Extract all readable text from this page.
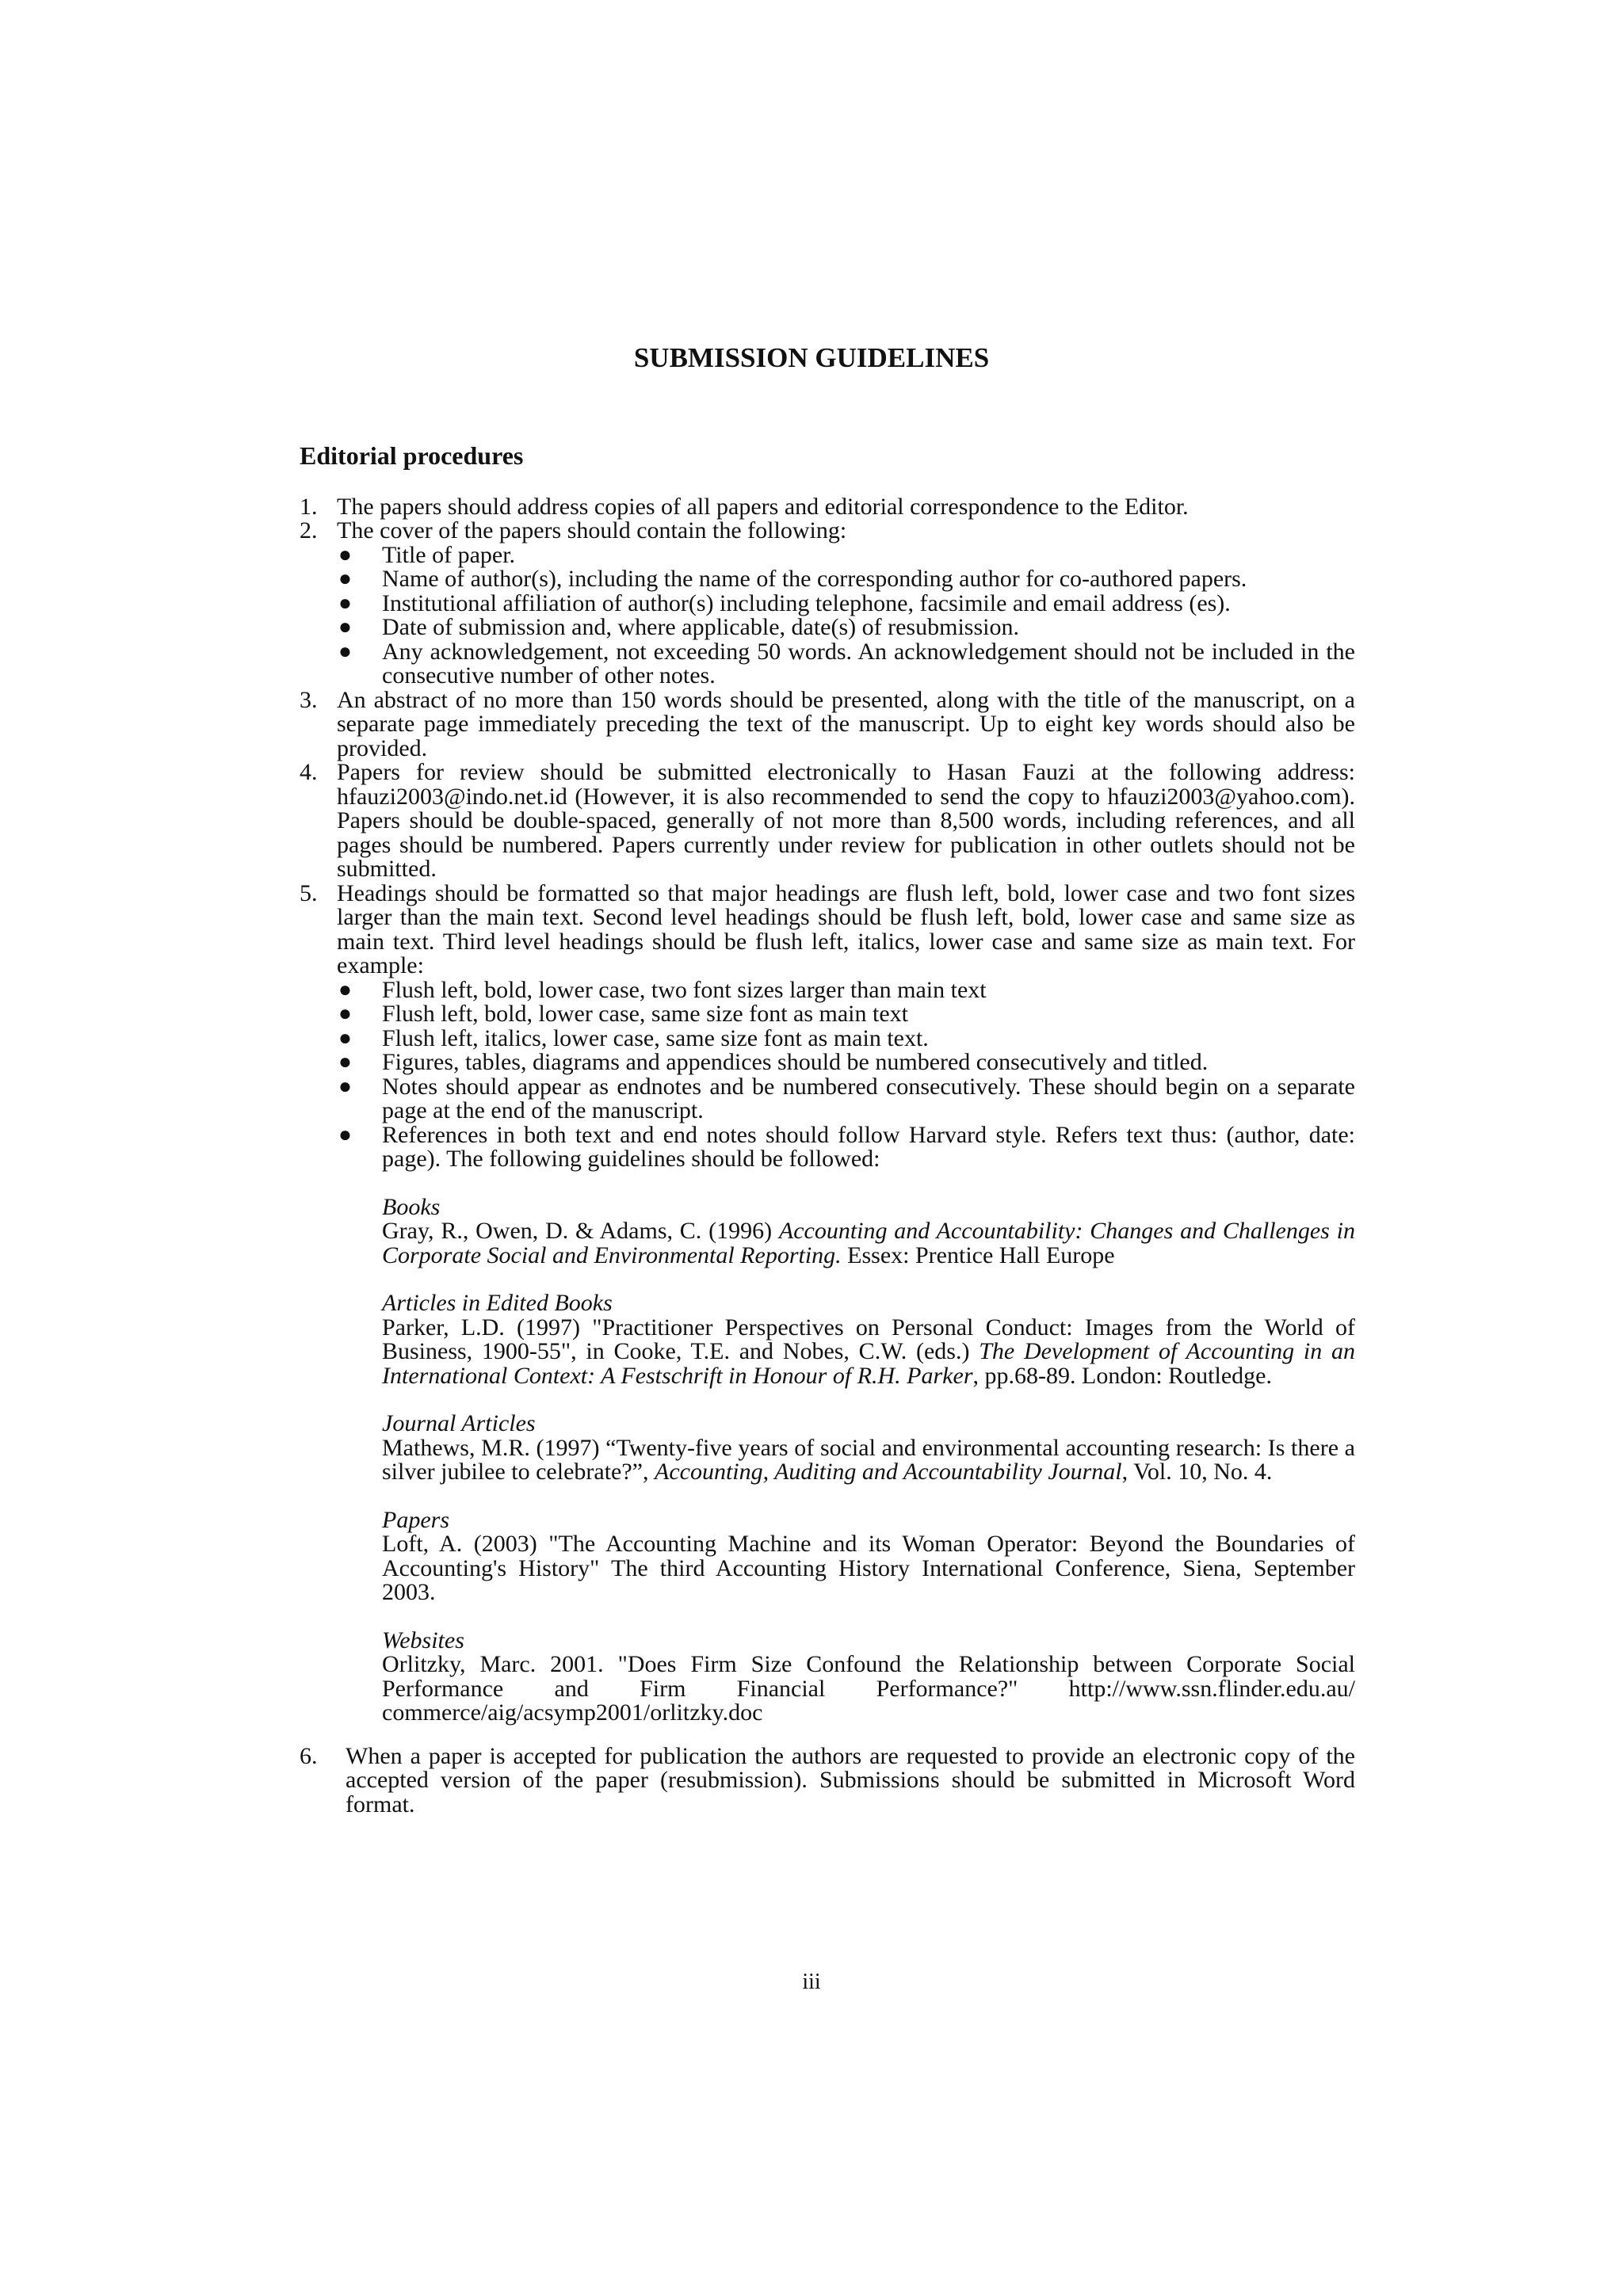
SUBMISSION GUIDELINES
Editorial procedures
1. The papers should address copies of all papers and editorial correspondence to the Editor.
2. The cover of the papers should contain the following:
● Title of paper.
● Name of author(s), including the name of the corresponding author for co-authored papers.
● Institutional affiliation of author(s) including telephone, facsimile and email address (es).
● Date of submission and, where applicable, date(s) of resubmission.
● Any acknowledgement, not exceeding 50 words. An acknowledgement should not be included in the consecutive number of other notes.
3. An abstract of no more than 150 words should be presented, along with the title of the manuscript, on a separate page immediately preceding the text of the manuscript. Up to eight key words should also be provided.
4. Papers for review should be submitted electronically to Hasan Fauzi at the following address: hfauzi2003@indo.net.id (However, it is also recommended to send the copy to hfauzi2003@yahoo.com). Papers should be double-spaced, generally of not more than 8,500 words, including references, and all pages should be numbered. Papers currently under review for publication in other outlets should not be submitted.
5. Headings should be formatted so that major headings are flush left, bold, lower case and two font sizes larger than the main text. Second level headings should be flush left, bold, lower case and same size as main text. Third level headings should be flush left, italics, lower case and same size as main text. For example:
● Flush left, bold, lower case, two font sizes larger than main text
● Flush left, bold, lower case, same size font as main text
● Flush left, italics, lower case, same size font as main text.
● Figures, tables, diagrams and appendices should be numbered consecutively and titled.
● Notes should appear as endnotes and be numbered consecutively. These should begin on a separate page at the end of the manuscript.
● References in both text and end notes should follow Harvard style. Refers text thus: (author, date: page). The following guidelines should be followed:
Books
Gray, R., Owen, D. & Adams, C. (1996) Accounting and Accountability: Changes and Challenges in Corporate Social and Environmental Reporting. Essex: Prentice Hall Europe
Articles in Edited Books
Parker, L.D. (1997) "Practitioner Perspectives on Personal Conduct: Images from the World of Business, 1900-55", in Cooke, T.E. and Nobes, C.W. (eds.) The Development of Accounting in an International Context: A Festschrift in Honour of R.H. Parker, pp.68-89. London: Routledge.
Journal Articles
Mathews, M.R. (1997) “Twenty-five years of social and environmental accounting research: Is there a silver jubilee to celebrate?”, Accounting, Auditing and Accountability Journal, Vol. 10, No. 4.
Papers
Loft, A. (2003) "The Accounting Machine and its Woman Operator: Beyond the Boundaries of Accounting's History" The third Accounting History International Conference, Siena, September 2003.
Websites
Orlitzky, Marc. 2001. "Does Firm Size Confound the Relationship between Corporate Social Performance and Firm Financial Performance?" http://www.ssn.flinder.edu.au/ commerce/aig/acsymp2001/orlitzky.doc
6. When a paper is accepted for publication the authors are requested to provide an electronic copy of the accepted version of the paper (resubmission). Submissions should be submitted in Microsoft Word format.
iii
